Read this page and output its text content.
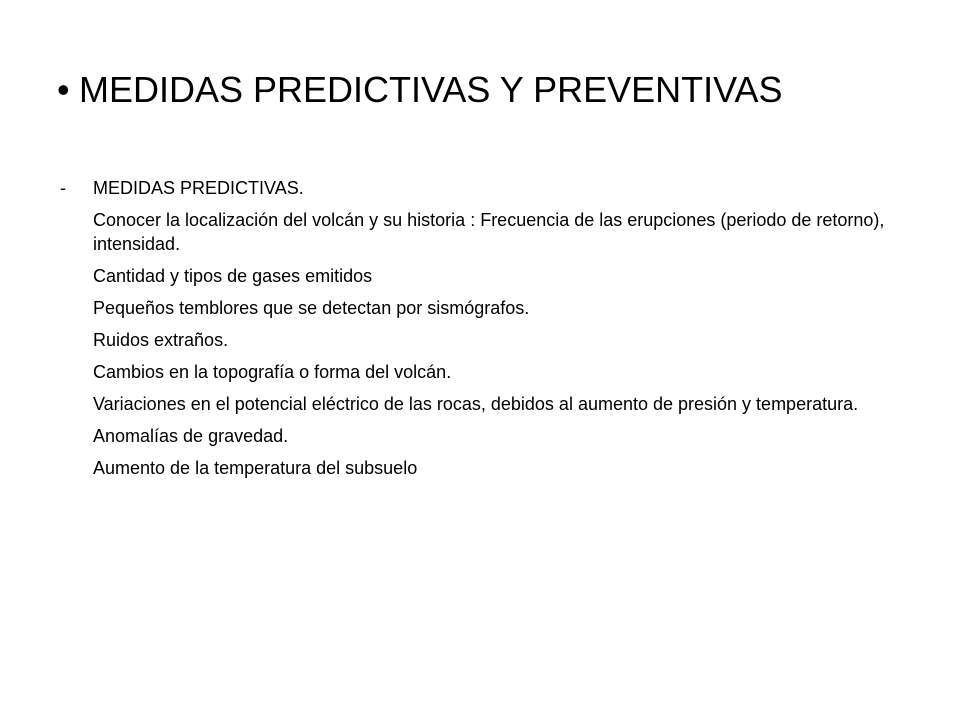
• MEDIDAS PREDICTIVAS Y PREVENTIVAS
- MEDIDAS PREDICTIVAS.
Conocer la localización del volcán y su historia : Frecuencia de las erupciones (periodo de retorno), intensidad.
Cantidad y tipos de gases emitidos
Pequeños temblores que se detectan por sismógrafos.
Ruidos extraños.
Cambios en la topografía o forma del volcán.
Variaciones en el potencial eléctrico de las rocas, debidos al aumento de presión y temperatura.
Anomalías de gravedad.
Aumento de la temperatura del subsuelo
